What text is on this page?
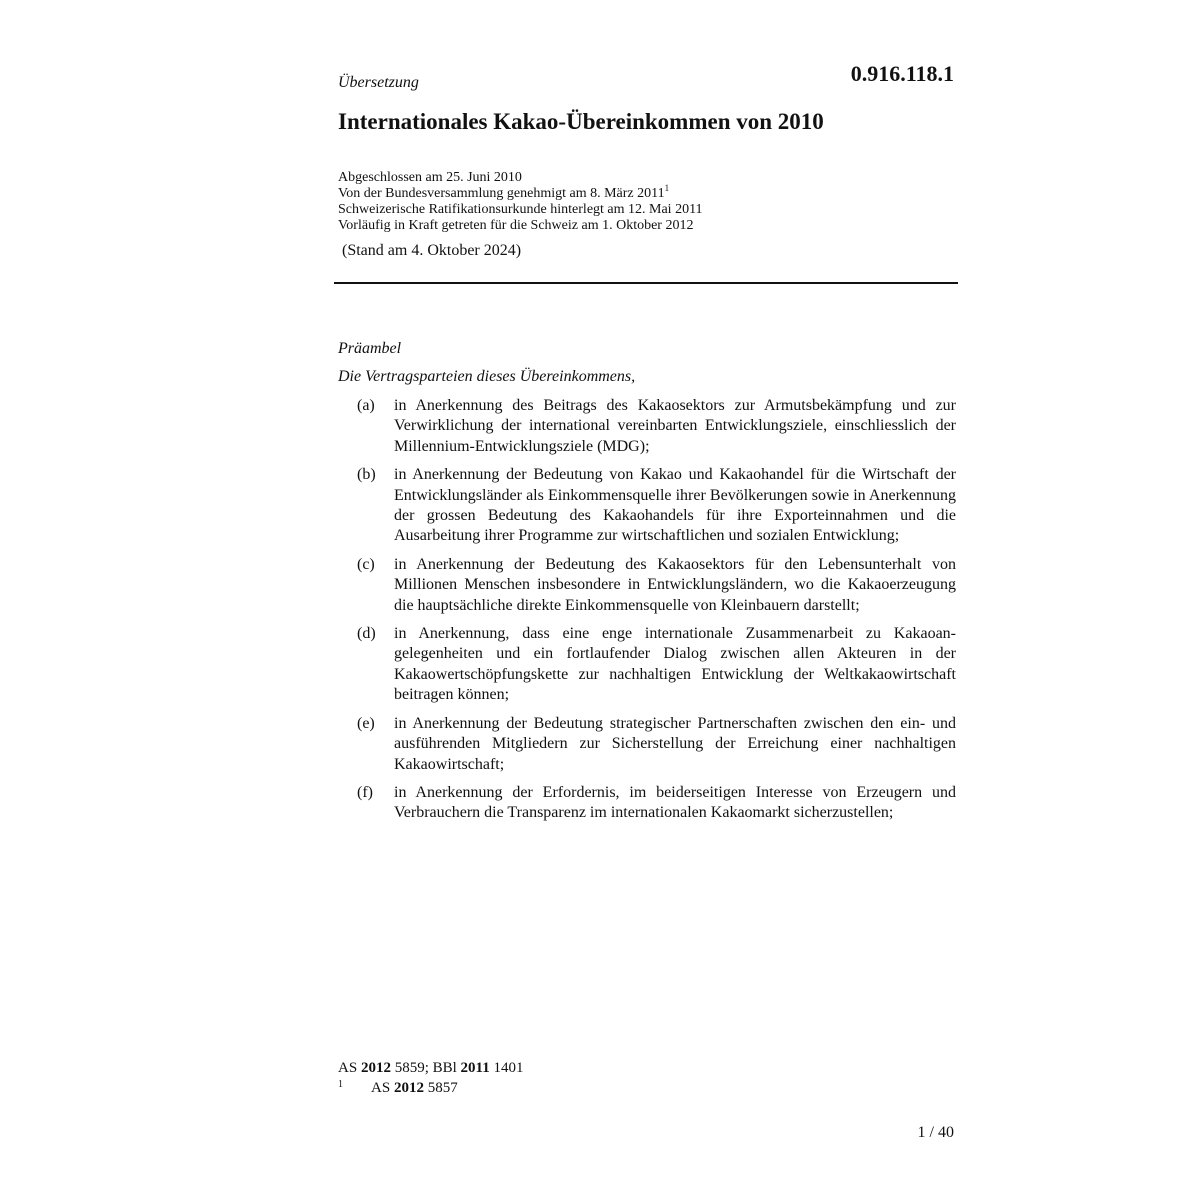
Übersetzung	0.916.118.1
Internationales Kakao-Übereinkommen von 2010
Abgeschlossen am 25. Juni 2010
Von der Bundesversammlung genehmigt am 8. März 2011$^1$
Schweizerische Ratifikationsurkunde hinterlegt am 12. Mai 2011
Vorläufig in Kraft getreten für die Schweiz am 1. Oktober 2012
(Stand am 4. Oktober 2024)
Präambel
Die Vertragsparteien dieses Übereinkommens,
(a)	in Anerkennung des Beitrags des Kakaosektors zur Armutsbekämpfung und zur Verwirklichung der international vereinbarten Entwicklungsziele, einschliesslich der Millennium-Entwicklungsziele (MDG);
(b)	in Anerkennung der Bedeutung von Kakao und Kakaohandel für die Wirtschaft der Entwicklungsländer als Einkommensquelle ihrer Bevölkerungen sowie in Anerkennung der grossen Bedeutung des Kakaohandels für ihre Exporteinnahmen und die Ausarbeitung ihrer Programme zur wirtschaftlichen und sozialen Entwicklung;
(c)	in Anerkennung der Bedeutung des Kakaosektors für den Lebensunterhalt von Millionen Menschen insbesondere in Entwicklungsländern, wo die Kakaoerzeugung die hauptsächliche direkte Einkommensquelle von Kleinbauern darstellt;
(d)	in Anerkennung, dass eine enge internationale Zusammenarbeit zu Kakaoangelegenheiten und ein fortlaufender Dialog zwischen allen Akteuren in der Kakaowertschöpfungskette zur nachhaltigen Entwicklung der Weltkakaowirtschaft beitragen können;
(e)	in Anerkennung der Bedeutung strategischer Partnerschaften zwischen den ein- und ausführenden Mitgliedern zur Sicherstellung der Erreichung einer nachhaltigen Kakaowirtschaft;
(f)	in Anerkennung der Erfordernis, im beiderseitigen Interesse von Erzeugern und Verbrauchern die Transparenz im internationalen Kakaomarkt sicherzustellen;
AS 2012 5859; BBl 2011 1401
1	AS 2012 5857
1 / 40
